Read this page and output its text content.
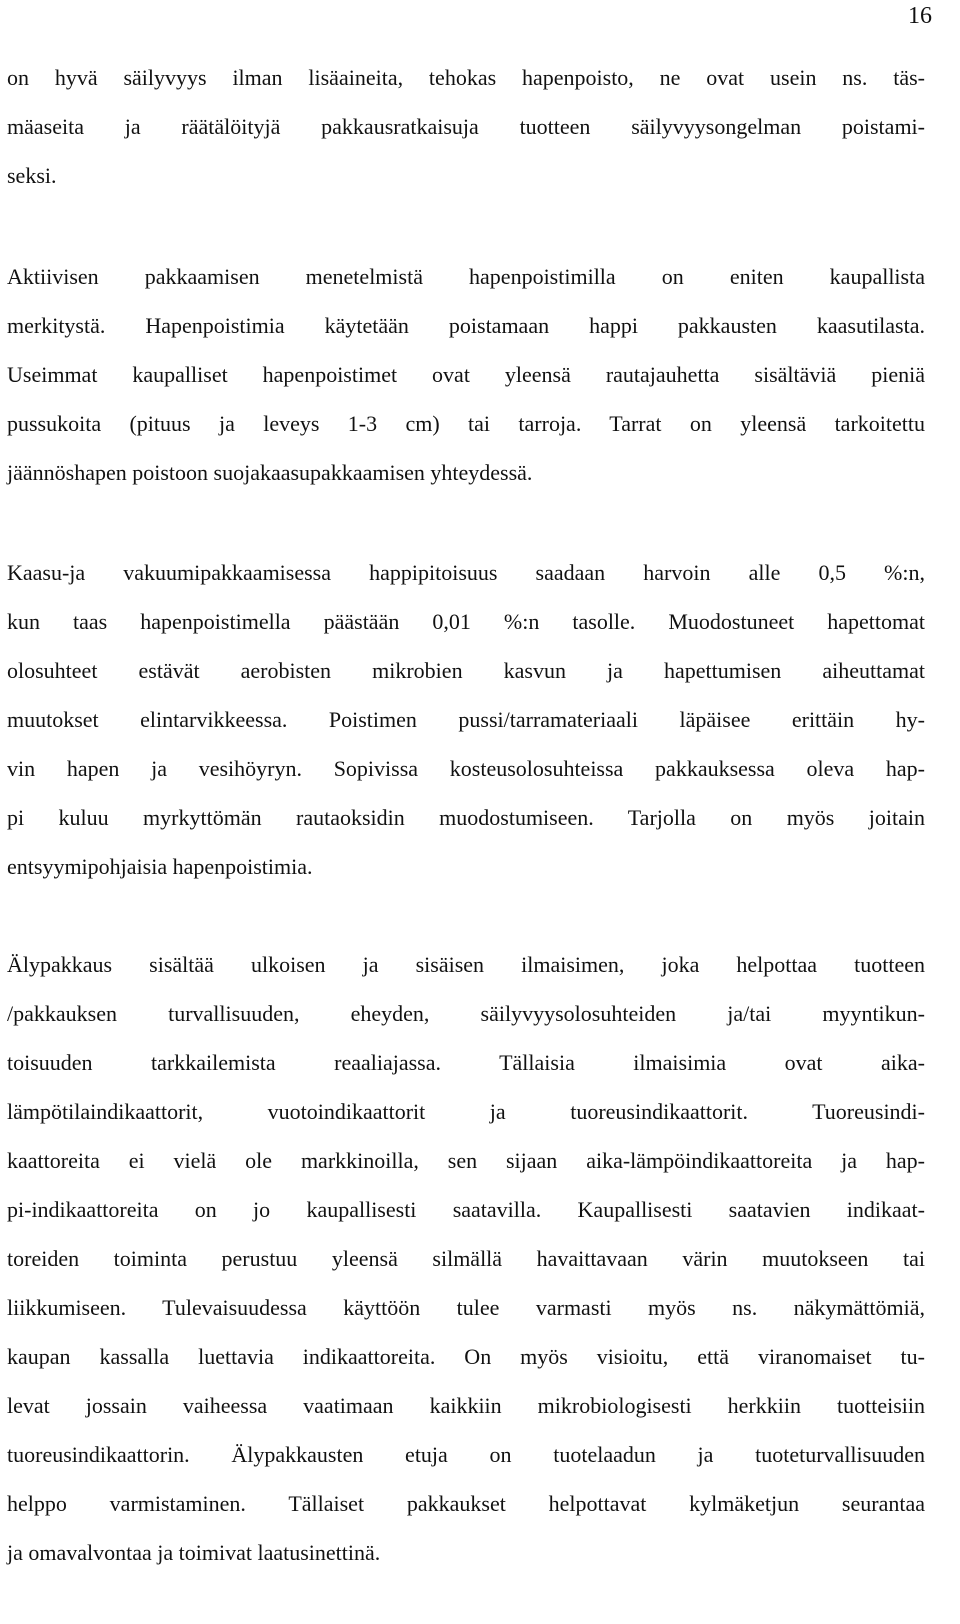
16
on hyvä säilyvyys ilman lisäaineita, tehokas hapenpoisto, ne ovat usein ns. täs-
mäaseita ja räätälöityjä pakkausratkaisuja tuotteen säilyvyysongelman poistami-
seksi.
Aktiivisen pakkaamisen menetelmistä hapenpoistimilla on eniten kaupallista
merkitystä. Hapenpoistimia käytetään poistamaan happi pakkausten kaasutilasta.
Useimmat kaupalliset hapenpoistimet ovat yleensä rautajauhetta sisältäviä pieniä
pussukoita (pituus ja leveys 1-3 cm) tai tarroja. Tarrat on yleensä tarkoitettu
jäännöshapen poistoon suojakaasupakkaamisen yhteydessä.
Kaasu-ja vakuumipakkaamisessa happipitoisuus saadaan harvoin alle 0,5 %:n,
kun taas hapenpoistimella päästään 0,01 %:n tasolle. Muodostuneet hapettomat
olosuhteet estävät aerobisten mikrobien kasvun ja hapettumisen aiheuttamat
muutokset elintarvikkeessa. Poistimen pussi/tarramateriaali läpäisee erittäin hy-
vin hapen ja vesihöyryn. Sopivissa kosteusolosuhteissa pakkauksessa oleva hap-
pi kuluu myrkyttömän rautaoksidin muodostumiseen. Tarjolla on myös joitain
entsyymipohjaisia hapenpoistimia.
Älypakkaus sisältää ulkoisen ja sisäisen ilmaisimen, joka helpottaa tuotteen
/pakkauksen turvallisuuden, eheyden, säilyvyysolosuhteiden ja/tai myyntikun-
toisuuden tarkkailemista reaaliajassa. Tällaisia ilmaisimia ovat aika-
lämpötilaindikaattorit, vuotoindikaattorit ja tuoreusindikaattorit. Tuoreusindi-
kaattoreita ei vielä ole markkinoilla, sen sijaan aika-lämpöindikaattoreita ja hap-
pi-indikaattoreita on jo kaupallisesti saatavilla. Kaupallisesti saatavien indikaat-
toreiden toiminta perustuu yleensä silmällä havaittavaan värin muutokseen tai
liikkumiseen. Tulevaisuudessa käyttöön tulee varmasti myös ns. näkymättömiä,
kaupan kassalla luettavia indikaattoreita. On myös visioitu, että viranomaiset tu-
levat jossain vaiheessa vaatimaan kaikkiin mikrobiologisesti herkkiin tuotteisiin
tuoreusindikaattorin. Älypakkausten etuja on tuotelaadun ja tuoteturvallisuuden
helppo varmistaminen. Tällaiset pakkaukset helpottavat kylmäketjun seurantaa
ja omavalvontaa ja toimivat laatusinettinä.
